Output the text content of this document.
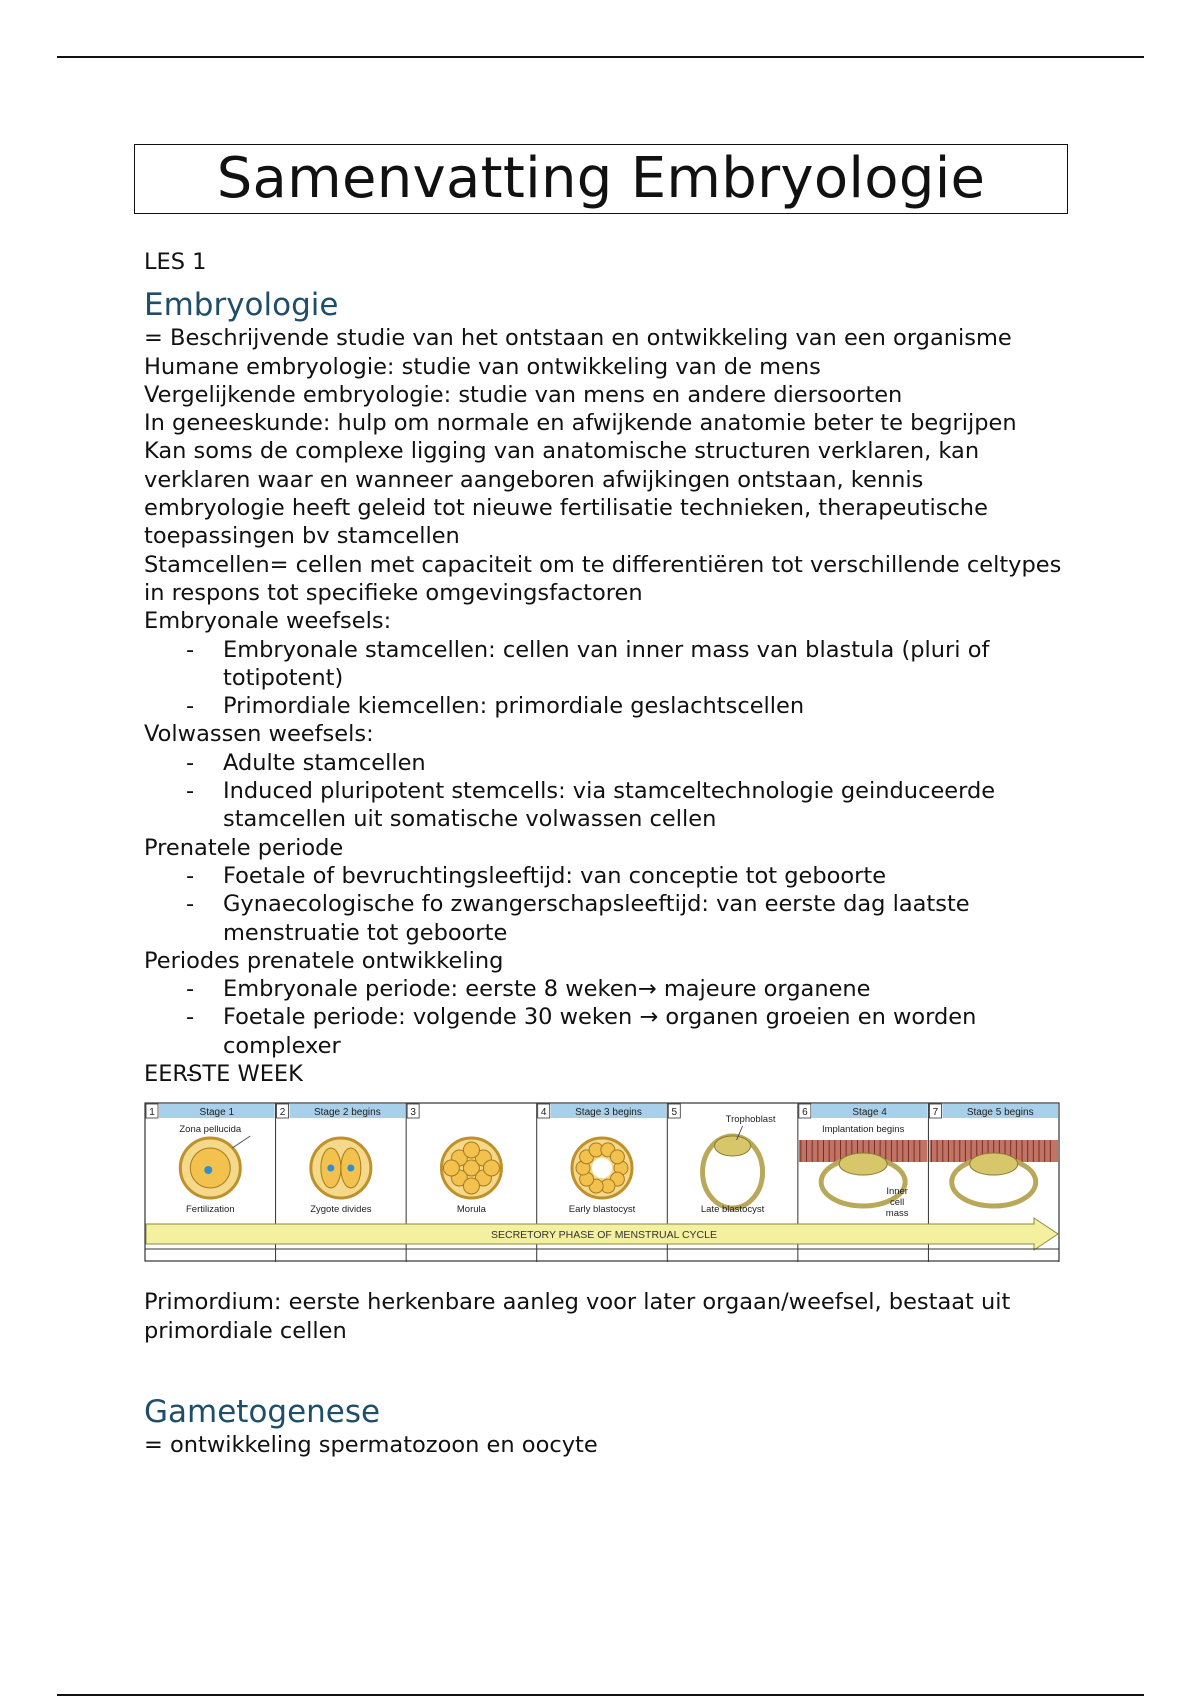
Samenvatting Embryologie

LES 1

Embryologie

= Beschrijvende studie van het ontstaan en ontwikkeling van een organisme

Humane embryologie: studie van ontwikkeling van de mens

Vergelijkende embryologie: studie van mens en andere diersoorten

In geneeskunde: hulp om normale en afwijkende anatomie beter te begrijpen

Kan soms de complexe ligging van anatomische structuren verklaren, kan verklaren waar en wanneer aangeboren afwijkingen ontstaan, kennis embryologie heeft geleid tot nieuwe fertilisatie technieken, therapeutische toepassingen bv stamcellen

Stamcellen= cellen met capaciteit om te differentiëren tot verschillende celtypes in respons tot specifieke omgevingsfactoren

Embryonale weefsels:

- Embryonale stamcellen: cellen van inner mass van blastula (pluri of totipotent)
- Primordiale kiemcellen: primordiale geslachtscellen

Volwassen weefsels:

- Adulte stamcellen
- Induced pluripotent stemcells: via stamceltechnologie geinduceerde stamcellen uit somatische volwassen cellen

Prenatele periode

- Foetale of bevruchtingsleeftijd: van conceptie tot geboorte
- Gynaecologische fo zwangerschapsleeftijd: van eerste dag laatste menstruatie tot geboorte

Periodes prenatele ontwikkeling

- Embryonale periode: eerste 8 weken→ majeure organene
- Foetale periode: volgende 30 weken → organen groeien en worden complexer

EERSTE WEEK

1	Stage 1
Zona pellucida
Fertilization
2	Stage 2 begins
Zygote divides
3
Morula
4	Stage 3 begins
Early blastocyst
5
Trophoblast
Late blastocyst
6	Stage 4
Implantation begins
Inner cell mass
7	Stage 5 begins
SECRETORY PHASE OF MENSTRUAL CYCLE

Primordium: eerste herkenbare aanleg voor later orgaan/weefsel, bestaat uit primordiale cellen

Gametogenese

= ontwikkeling spermatozoon en oocyte
